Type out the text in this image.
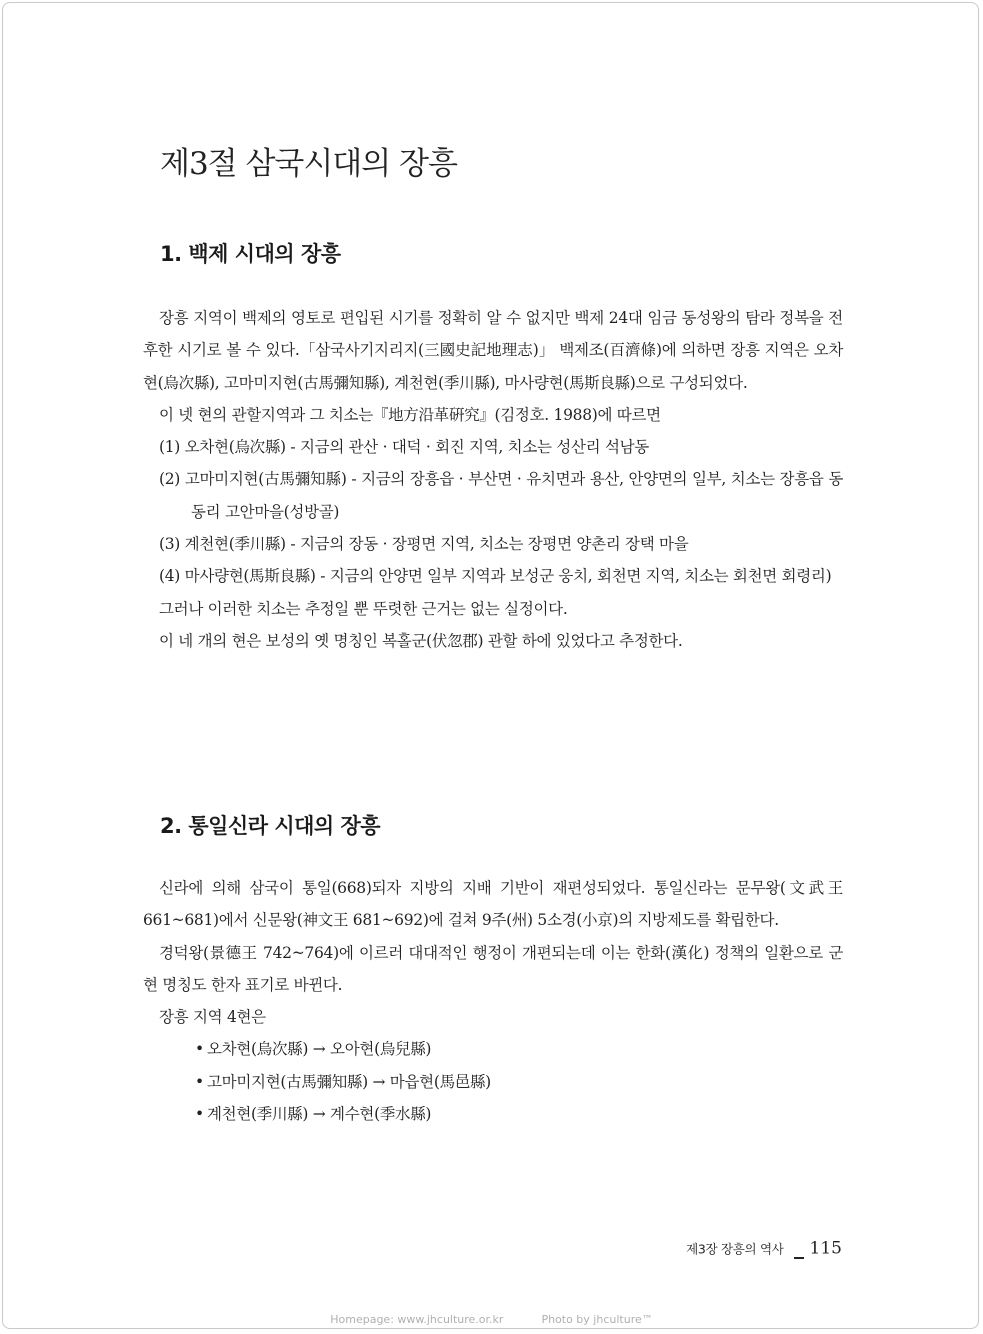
제3절 삼국시대의 장흥
1. 백제 시대의 장흥

장흥 지역이 백제의 영토로 편입된 시기를 정확히 알 수 없지만 백제 24대 임금 동성왕의 탐라 정복을 전후한 시기로 볼 수 있다.「삼국사기지리지(三國史記地理志)」 백제조(百濟條)에 의하면 장흥 지역은 오차현(烏次縣), 고마미지현(古馬彌知縣), 계천현(季川縣), 마사량현(馬斯良縣)으로 구성되었다.

이 넷 현의 관할지역과 그 치소는『地方沿革硏究』(김정호. 1988)에 따르면

(1) 오차현(烏次縣) - 지금의 관산 · 대덕 · 회진 지역, 치소는 성산리 석남동

(2) 고마미지현(古馬彌知縣) - 지금의 장흥읍 · 부산면 · 유치면과 용산, 안양면의 일부, 치소는 장흥읍 동동리 고안마을(성방골)

(3) 계천현(季川縣) - 지금의 장동 · 장평면 지역, 치소는 장평면 양촌리 장택 마을

(4) 마사량현(馬斯良縣) - 지금의 안양면 일부 지역과 보성군 웅치, 회천면 지역, 치소는 회천면 회령리)

그러나 이러한 치소는 추정일 뿐 뚜렷한 근거는 없는 실정이다.

이 네 개의 현은 보성의 옛 명칭인 복홀군(伏忽郡) 관할 하에 있었다고 추정한다.

2. 통일신라 시대의 장흥

신라에 의해 삼국이 통일(668)되자 지방의 지배 기반이 재편성되었다. 통일신라는 문무왕(文武王 661~681)에서 신문왕(神文王 681~692)에 걸쳐 9주(州) 5소경(小京)의 지방제도를 확립한다.

경덕왕(景德王 742~764)에 이르러 대대적인 행정이 개편되는데 이는 한화(漢化) 정책의 일환으로 군현 명칭도 한자 표기로 바뀐다.

장흥 지역 4현은

• 오차현(烏次縣) → 오아현(烏兒縣)

• 고마미지현(古馬彌知縣) → 마읍현(馬邑縣)

• 계천현(季川縣) → 계수현(季水縣)

제3장 장흥의 역사 115
Homepage: www.jhculture.or.kr	Photo by jhculture™
